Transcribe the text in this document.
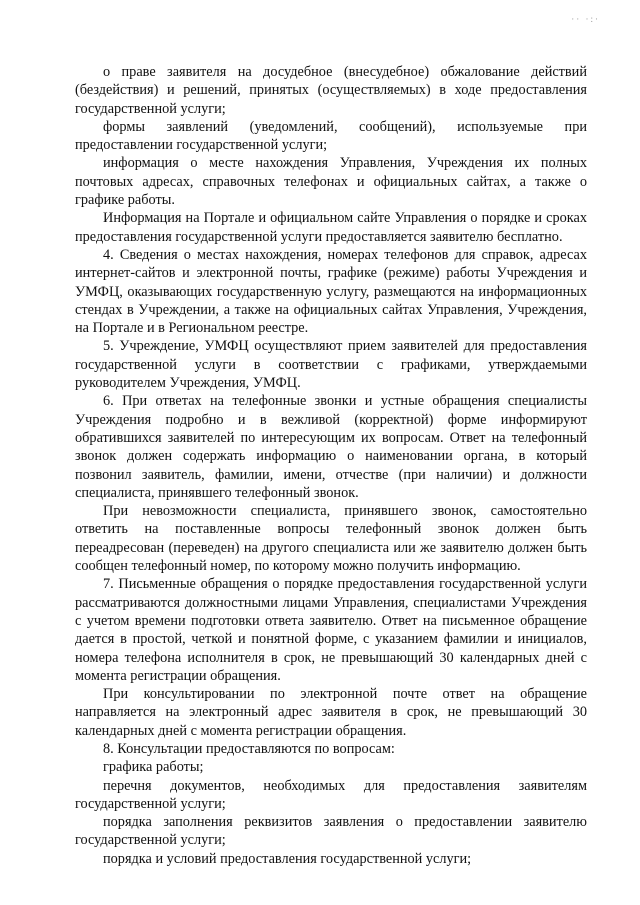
·· ·:·

о праве заявителя на досудебное (внесудебное) обжалование действий (бездействия) и решений, принятых (осуществляемых) в ходе предоставления государственной услуги;

формы заявлений (уведомлений, сообщений), используемые при предоставлении государственной услуги;

информация о месте нахождения Управления, Учреждения их полных почтовых адресах, справочных телефонах и официальных сайтах, а также о графике работы.

Информация на Портале и официальном сайте Управления о порядке и сроках предоставления государственной услуги предоставляется заявителю бесплатно.

4. Сведения о местах нахождения, номерах телефонов для справок, адресах интернет-сайтов и электронной почты, графике (режиме) работы Учреждения и УМФЦ, оказывающих государственную услугу, размещаются на информационных стендах в Учреждении, а также на официальных сайтах Управления, Учреждения, на Портале и в Региональном реестре.

5. Учреждение, УМФЦ осуществляют прием заявителей для предоставления государственной услуги в соответствии с графиками, утверждаемыми руководителем Учреждения, УМФЦ.

6. При ответах на телефонные звонки и устные обращения специалисты Учреждения подробно и в вежливой (корректной) форме информируют обратившихся заявителей по интересующим их вопросам. Ответ на телефонный звонок должен содержать информацию о наименовании органа, в который позвонил заявитель, фамилии, имени, отчестве (при наличии) и должности специалиста, принявшего телефонный звонок.

При невозможности специалиста, принявшего звонок, самостоятельно ответить на поставленные вопросы телефонный звонок должен быть переадресован (переведен) на другого специалиста или же заявителю должен быть сообщен телефонный номер, по которому можно получить информацию.

7. Письменные обращения о порядке предоставления государственной услуги рассматриваются должностными лицами Управления, специалистами Учреждения с учетом времени подготовки ответа заявителю. Ответ на письменное обращение дается в простой, четкой и понятной форме, с указанием фамилии и инициалов, номера телефона исполнителя в срок, не превышающий 30 календарных дней с момента регистрации обращения.

При консультировании по электронной почте ответ на обращение направляется на электронный адрес заявителя в срок, не превышающий 30 календарных дней с момента регистрации обращения.

8. Консультации предоставляются по вопросам:

графика работы;

перечня документов, необходимых для предоставления заявителям государственной услуги;

порядка заполнения реквизитов заявления о предоставлении заявителю государственной услуги;

порядка и условий предоставления государственной услуги;
